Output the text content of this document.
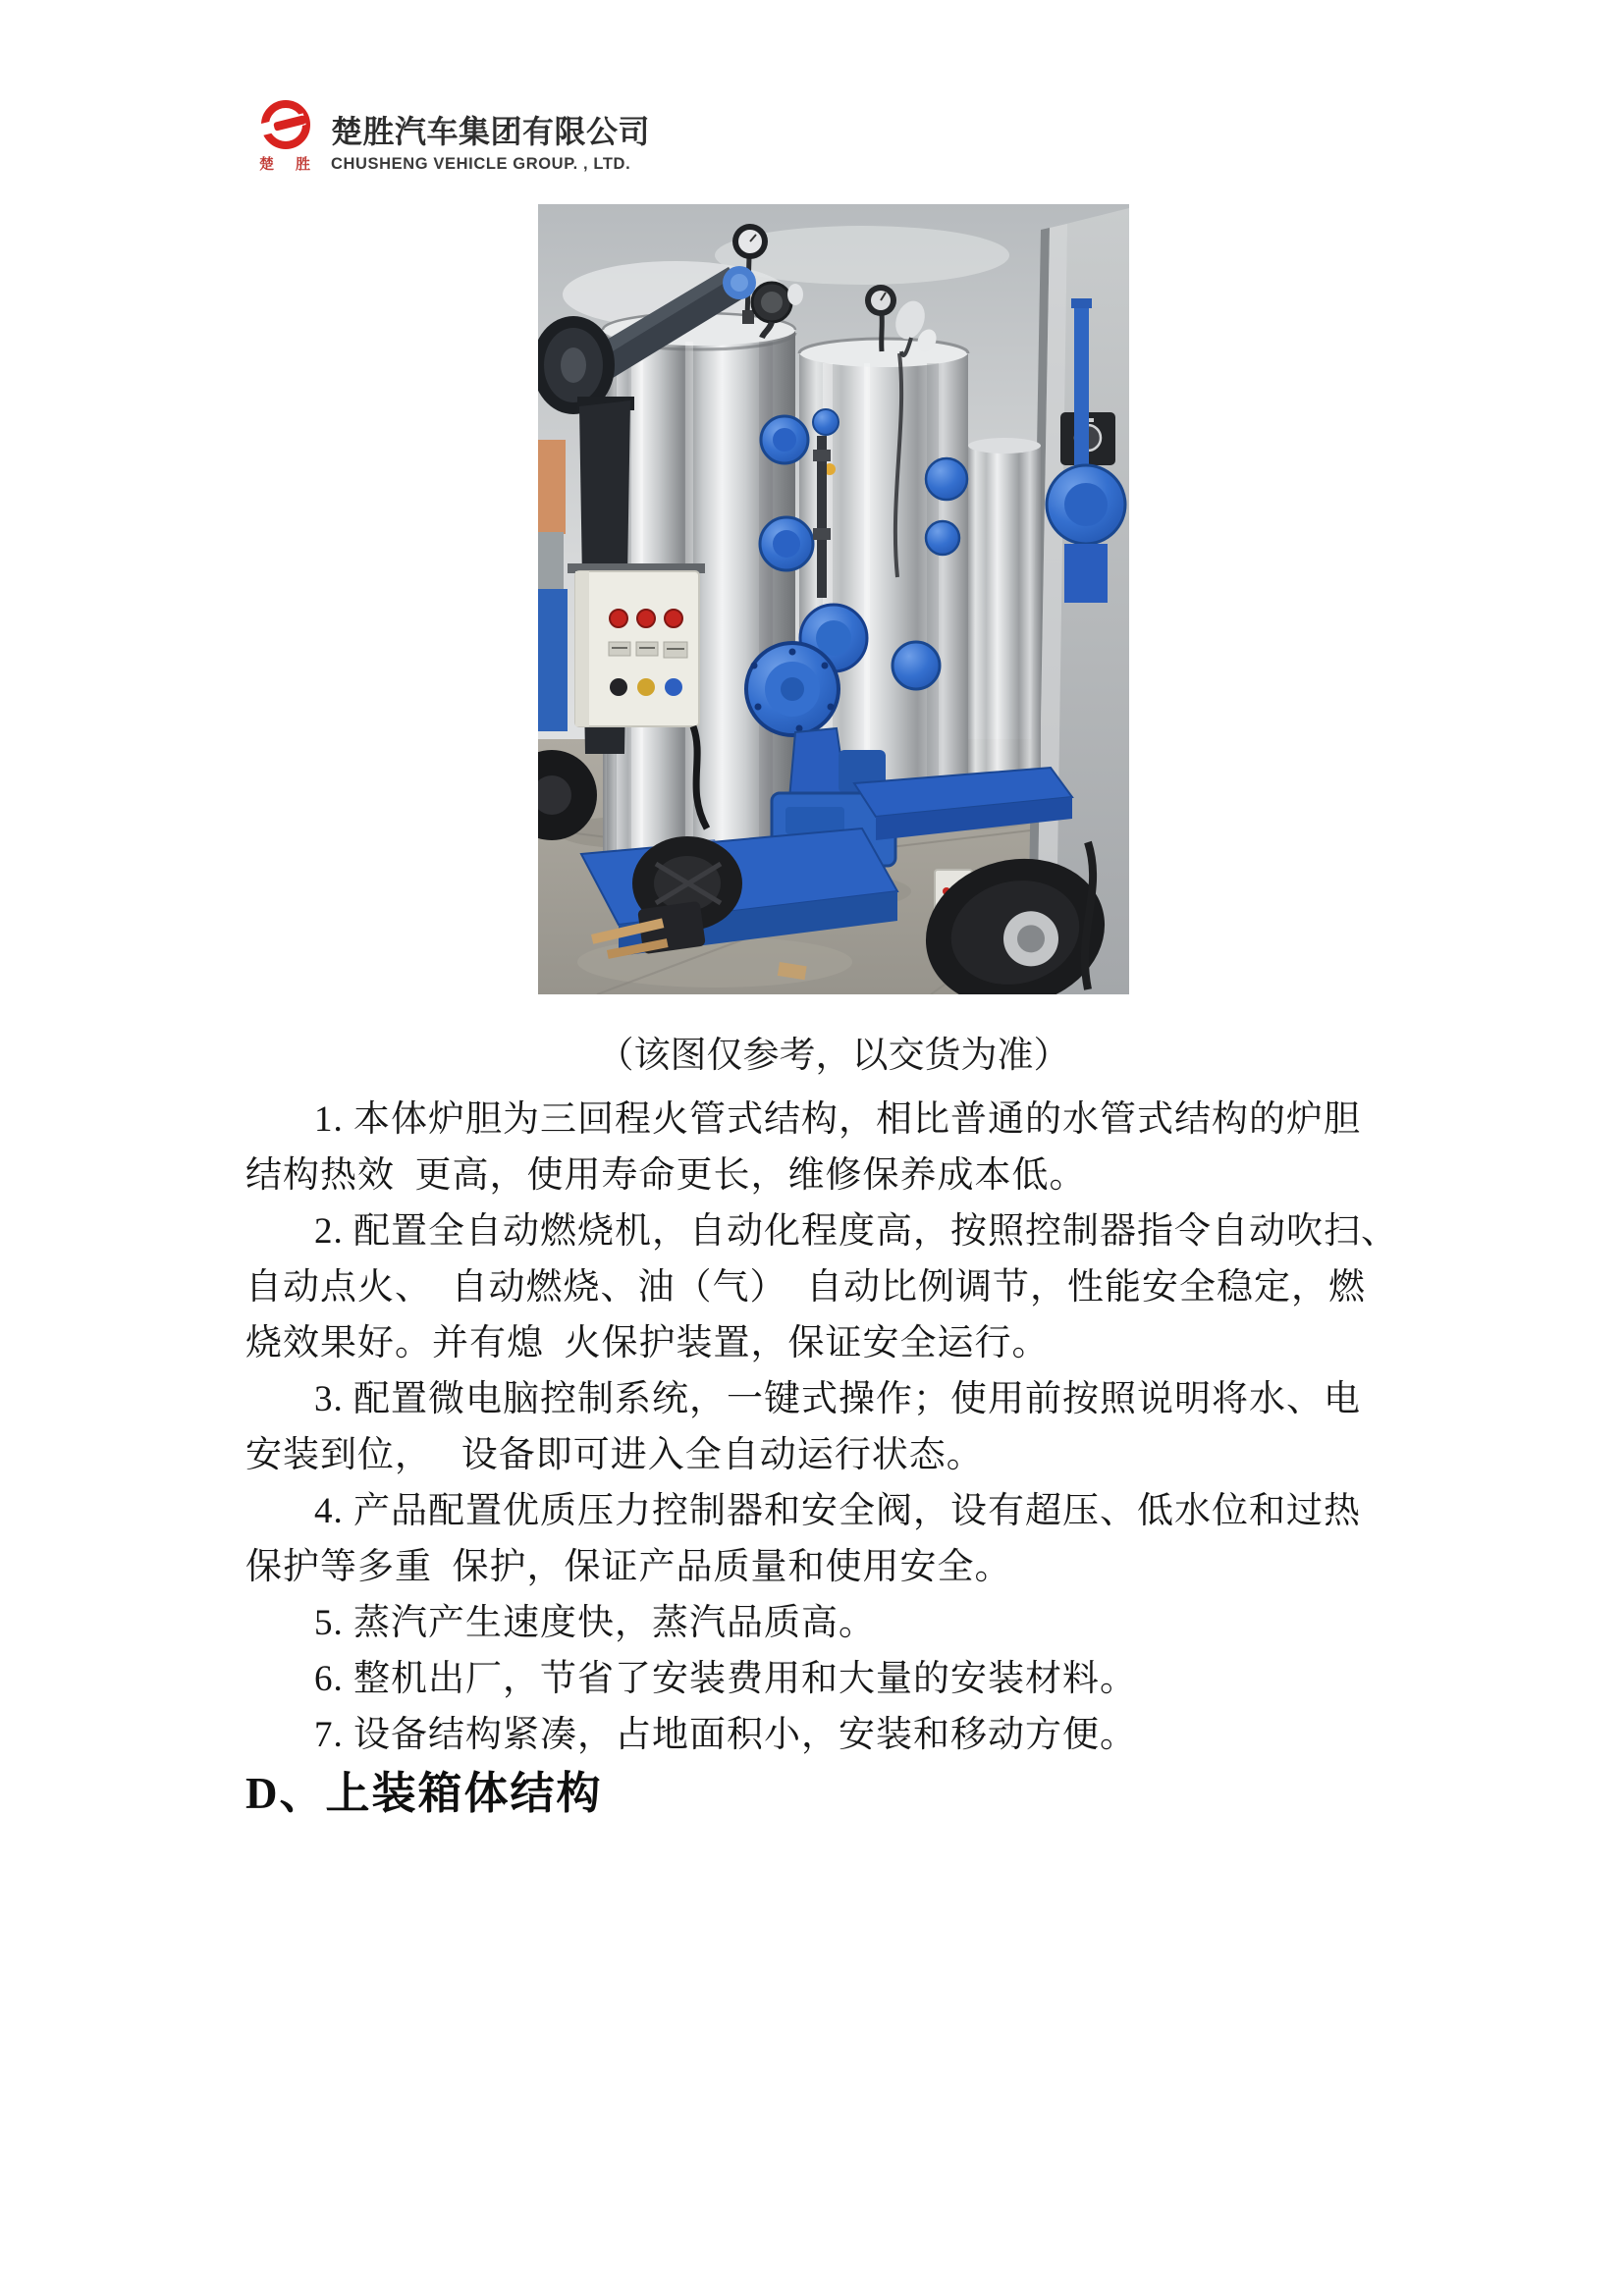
楚 胜
楚胜汽车集团有限公司
CHUSHENG VEHICLE GROUP. , LTD.
（该图仅参考，以交货为准）
1. 本体炉胆为三回程火管式结构，相比普通的水管式结构的炉胆
结构热效  更高，使用寿命更长，维修保养成本低。
2. 配置全自动燃烧机，自动化程度高，按照控制器指令自动吹扫、
自动点火、　自动燃烧、油（气）　自动比例调节，性能安全稳定，燃
烧效果好。并有熄  火保护装置，保证安全运行。
3. 配置微电脑控制系统，一键式操作；使用前按照说明将水、电
安装到位，　 设备即可进入全自动运行状态。
4. 产品配置优质压力控制器和安全阀，设有超压、低水位和过热
保护等多重  保护，保证产品质量和使用安全。
5. 蒸汽产生速度快，蒸汽品质高。
6. 整机出厂，节省了安装费用和大量的安装材料。
7. 设备结构紧凑，占地面积小，安装和移动方便。
D、上装箱体结构
